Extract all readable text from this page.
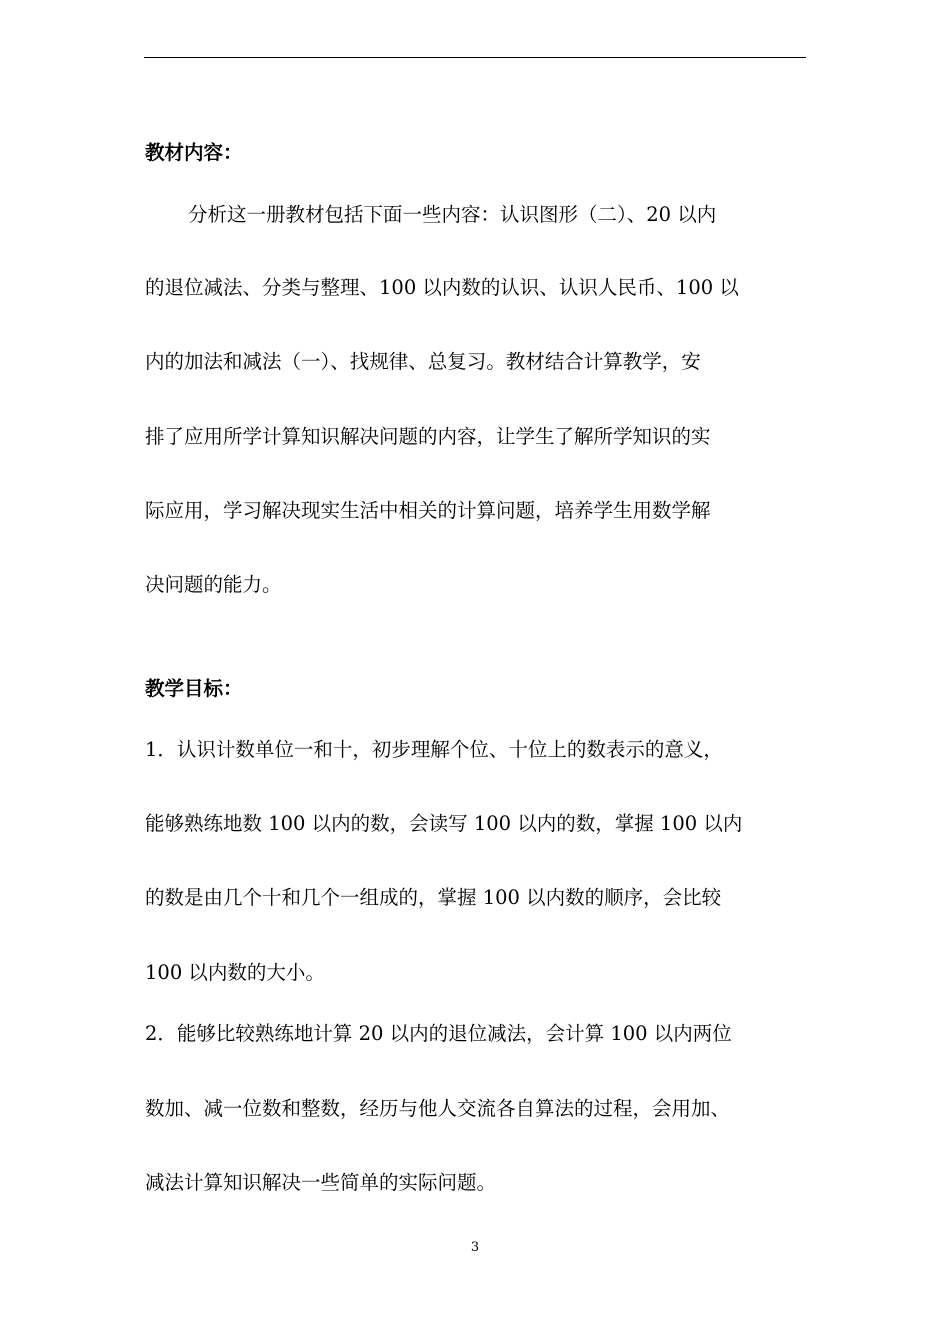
教材内容：
分析这一册教材包括下面一些内容：认识图形（二）、20 以内
的退位减法、分类与整理、100 以内数的认识、认识人民币、100 以
内的加法和减法（一）、找规律、总复习。教材结合计算教学，安
排了应用所学计算知识解决问题的内容，让学生了解所学知识的实
际应用，学习解决现实生活中相关的计算问题，培养学生用数学解
决问题的能力。
教学目标：
1．认识计数单位一和十，初步理解个位、十位上的数表示的意义，
能够熟练地数 100 以内的数，会读写 100 以内的数，掌握 100 以内
的数是由几个十和几个一组成的，掌握 100 以内数的顺序，会比较
100 以内数的大小。
2．能够比较熟练地计算 20 以内的退位减法，会计算 100 以内两位
数加、减一位数和整数，经历与他人交流各自算法的过程，会用加、
减法计算知识解决一些简单的实际问题。
3
